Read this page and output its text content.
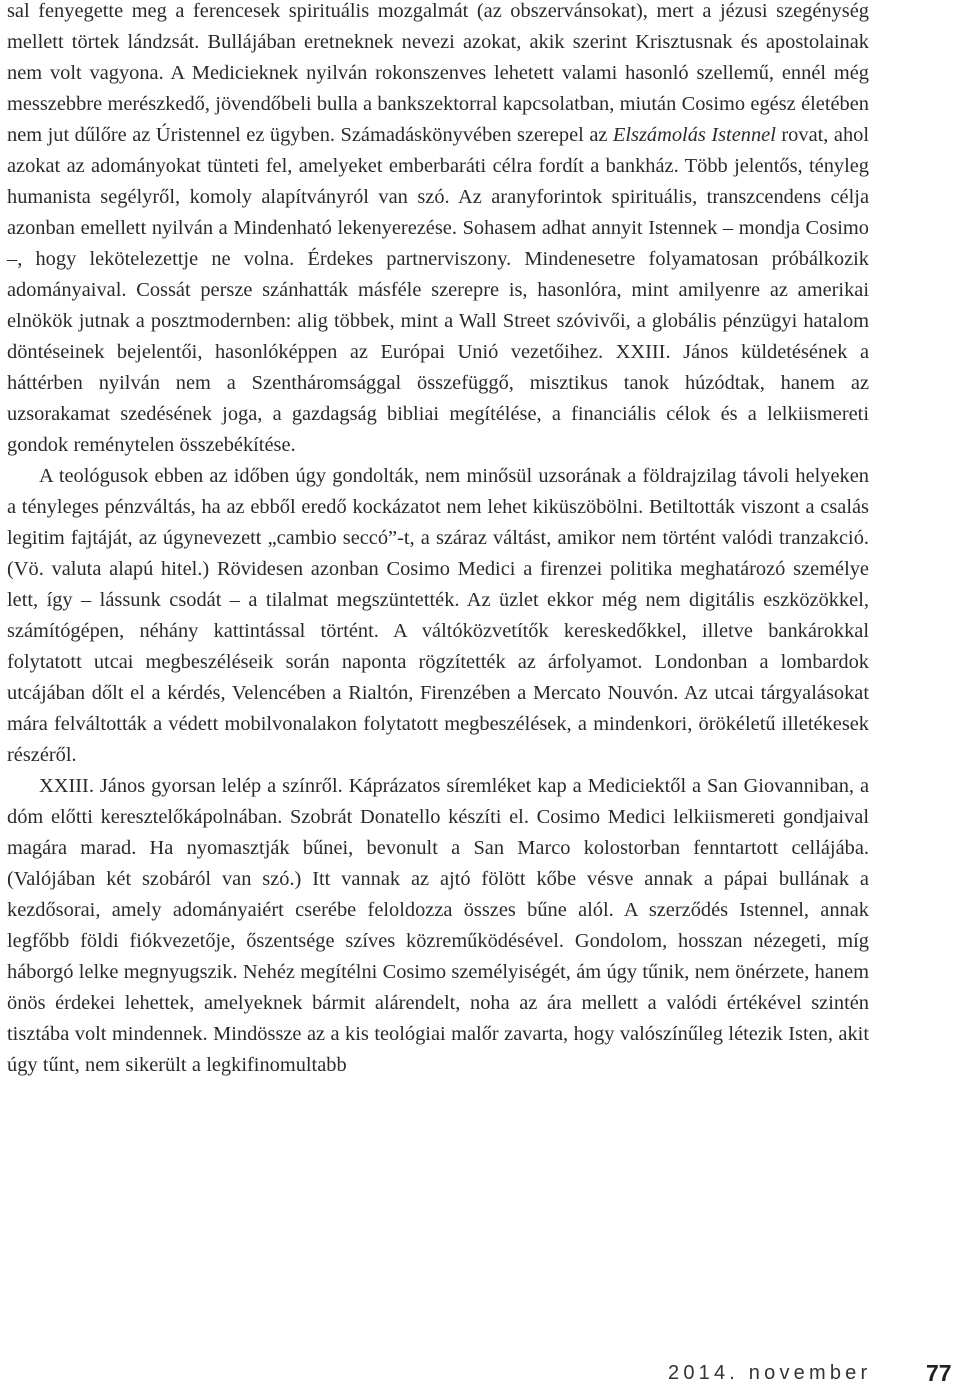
sal fenyegette meg a ferencesek spirituális mozgalmát (az obszervánsokat), mert a jézusi szegénység mellett törtek lándzsát. Bullájában eretneknek nevezi azokat, akik szerint Krisztusnak és apostolainak nem volt vagyona. A Medicieknek nyilván rokonszenves lehetett valami hasonló szellemű, ennél még messzebbre merészkedő, jövendőbeli bulla a bankszektorral kapcsolatban, miután Cosimo egész életében nem jut dűlőre az Úristennel ez ügyben. Számadáskönyvében szerepel az Elszámolás Istennel rovat, ahol azokat az adományokat tünteti fel, amelyeket emberbaráti célra fordít a bankház. Több jelentős, tényleg humanista segélyről, komoly alapítványról van szó. Az aranyforintok spirituális, transzcendens célja azonban emellett nyilván a Mindenható lekenyerezése. Sohasem adhat annyit Istennek – mondja Cosimo –, hogy lekötelezettje ne volna. Érdekes partnerviszony. Mindenesetre folyamatosan próbálkozik adományaival. Cossát persze szánhatták másféle szerepre is, hasonlóra, mint amilyenre az amerikai elnökök jutnak a posztmodernben: alig többek, mint a Wall Street szóvivői, a globális pénzügyi hatalom döntéseinek bejelentői, hasonlóképpen az Európai Unió vezetőihez. XXIII. János küldetésének a háttérben nyilván nem a Szentháromsággal összefüggő, misztikus tanok húzódtak, hanem az uzsorakamat szedésének joga, a gazdagság bibliai megítélése, a financiális célok és a lelkiismereti gondok reménytelen összebékítése.

A teológusok ebben az időben úgy gondolták, nem minősül uzsorának a földrajzilag távoli helyeken a tényleges pénzváltás, ha az ebből eredő kockázatot nem lehet kiküszöbölni. Betiltották viszont a csalás legitim fajtáját, az úgynevezett „cambio seccó”-t, a száraz váltást, amikor nem történt valódi tranzakció. (Vö. valuta alapú hitel.) Rövidesen azonban Cosimo Medici a firenzei politika meghatározó személye lett, így – lássunk csodát – a tilalmat megszüntették. Az üzlet ekkor még nem digitális eszközökkel, számítógépen, néhány kattintással történt. A váltóközvetítők kereskedőkkel, illetve bankárokkal folytatott utcai megbeszéléseik során naponta rögzítették az árfolyamot. Londonban a lombardok utcájában dőlt el a kérdés, Velencében a Rialtón, Firenzében a Mercato Nouvón. Az utcai tárgyalásokat mára felváltották a védett mobilvonalakon folytatott megbeszélések, a mindenkori, örökéletű illetékesek részéről.

XXIII. János gyorsan lelép a színről. Káprázatos síremléket kap a Mediciektől a San Giovanniban, a dóm előtti keresztelőkápolnában. Szobrát Donatello készíti el. Cosimo Medici lelkiismereti gondjaival magára marad. Ha nyomasztják bűnei, bevonult a San Marco kolostorban fenntartott cellájába. (Valójában két szobáról van szó.) Itt vannak az ajtó fölött kőbe vésve annak a pápai bullának a kezdősorai, amely adományaiért cserébe feloldozza összes bűne alól. A szerződés Istennel, annak legfőbb földi fiókvezetője, őszentsége szíves közreműködésével. Gondolom, hosszan nézegeti, míg háborgó lelke megnyugszik. Nehéz megítélni Cosimo személyiségét, ám úgy tűnik, nem önérzete, hanem önös érdekei lehettek, amelyeknek bármit alárendelt, noha az ára mellett a valódi értékével szintén tisztába volt mindennek. Mindössze az a kis teológiai malőr zavarta, hogy valószínűleg létezik Isten, akit úgy tűnt, nem sikerült a legkifinomultabb

2014. november 77
